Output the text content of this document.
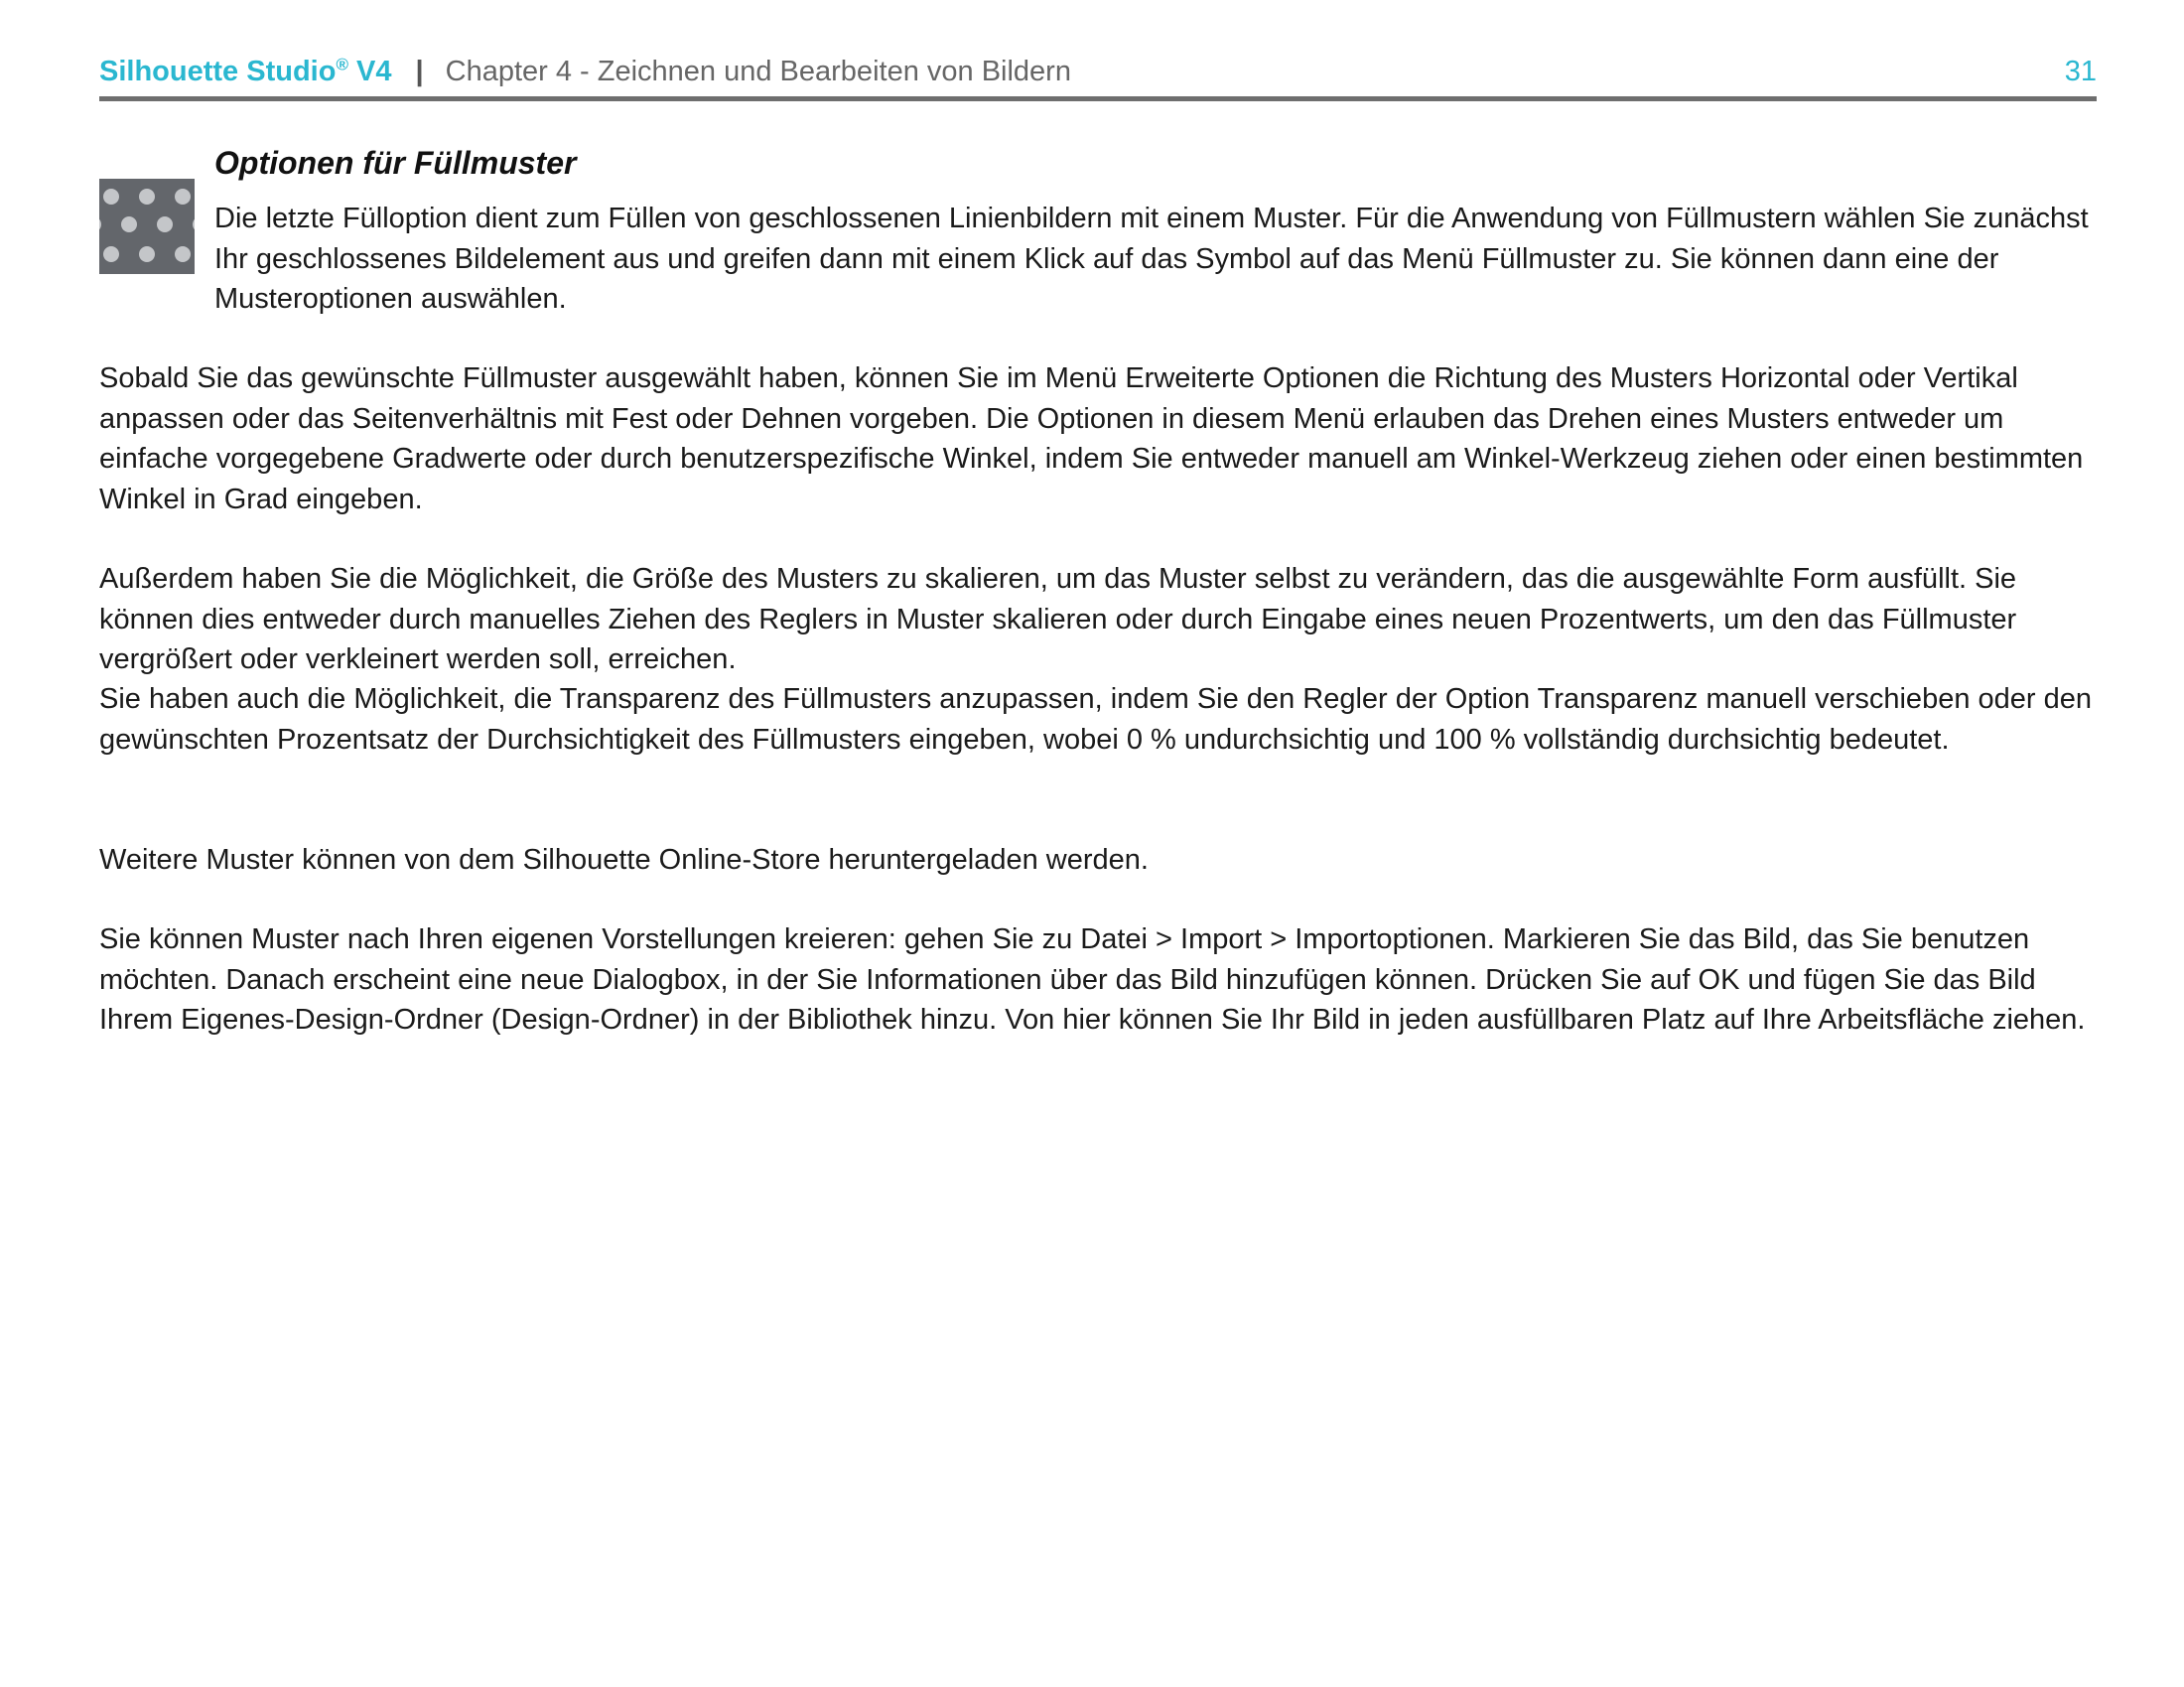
Silhouette Studio® V4 | Chapter 4 - Zeichnen und Bearbeiten von Bildern	31
Optionen für Füllmuster

Die letzte Fülloption dient zum Füllen von geschlossenen Linienbildern mit einem Muster. Für die Anwendung von Füllmustern wählen Sie zunächst Ihr geschlossenes Bildelement aus und greifen dann mit einem Klick auf das Symbol auf das Menü Füllmuster zu. Sie können dann eine der Musteroptionen auswählen.

Sobald Sie das gewünschte Füllmuster ausgewählt haben, können Sie im Menü Erweiterte Optionen die Richtung des Musters Horizontal oder Vertikal anpassen oder das Seitenverhältnis mit Fest oder Dehnen vorgeben. Die Optionen in diesem Menü erlauben das Drehen eines Musters entweder um einfache vorgegebene Gradwerte oder durch benutzerspezifische Winkel, indem Sie entweder manuell am Winkel-Werkzeug ziehen oder einen bestimmten Winkel in Grad eingeben.

Außerdem haben Sie die Möglichkeit, die Größe des Musters zu skalieren, um das Muster selbst zu verändern, das die ausgewählte Form ausfüllt. Sie können dies entweder durch manuelles Ziehen des Reglers in Muster skalieren oder durch Eingabe eines neuen Prozentwerts, um den das Füllmuster vergrößert oder verkleinert werden soll, erreichen.

Sie haben auch die Möglichkeit, die Transparenz des Füllmusters anzupassen, indem Sie den Regler der Option Transparenz manuell verschieben oder den gewünschten Prozentsatz der Durchsichtigkeit des Füllmusters eingeben, wobei 0 % undurchsichtig und 100 % vollständig durchsichtig bedeutet.

Weitere Muster können von dem Silhouette Online-Store heruntergeladen werden.

Sie können Muster nach Ihren eigenen Vorstellungen kreieren: gehen Sie zu Datei > Import > Importoptionen. Markieren Sie das Bild, das Sie benutzen möchten. Danach erscheint eine neue Dialogbox, in der Sie Informationen über das Bild hinzufügen können. Drücken Sie auf OK und fügen Sie das Bild Ihrem Eigenes-Design-Ordner (Design-Ordner) in der Bibliothek hinzu. Von hier können Sie Ihr Bild in jeden ausfüllbaren Platz auf Ihre Arbeitsfläche ziehen.
